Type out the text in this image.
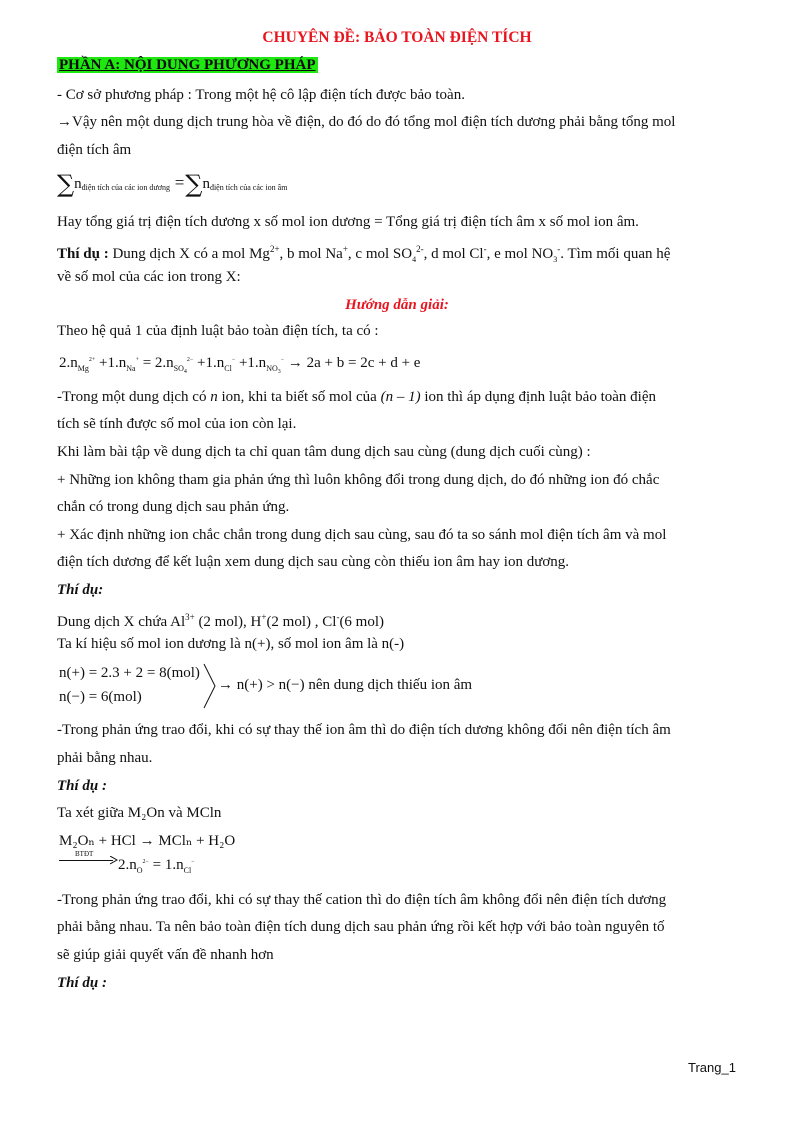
CHUYÊN ĐỀ: BẢO TOÀN ĐIỆN TÍCH
PHẦN A: NỘI DUNG PHƯƠNG PHÁP
- Cơ sở phương pháp : Trong một hệ cô lập điện tích được bảo toàn.
→Vậy nên một dung dịch trung hòa về điện, do đó do đó tổng mol điện tích dương phải bằng tổng mol
điện tích âm
∑nđiện tích của các ion dương =∑nđiện tích của các ion âm
Hay tổng giá trị điện tích dương x số mol ion dương = Tổng giá trị điện tích âm x số mol ion âm.
Thí dụ : Dung dịch X có a mol $Mg^{2+}$, b mol Na+, c mol $SO_4^{2-}$, d mol Cl-, e mol $NO_3^-$. Tìm mối quan hệ
về số mol của các ion trong X:
Hướng dẫn giải:
Theo hệ quả 1 của định luật bảo toàn điện tích, ta có :
$2.n_{Mg}^{2+} +1.n_{Na}^+ = 2.n_{SO4}^{2-} +1.n_{Cl}^- +1.n_{NO3}^- \to 2a + b = 2c + d + e$
-Trong một dung dịch có n ion, khi ta biết số mol của (n – 1) ion thì áp dụng định luật bảo toàn điện
tích sẽ tính được số mol của ion còn lại.
Khi làm bài tập về dung dịch ta chỉ quan tâm dung dịch sau cùng (dung dịch cuối cùng) :
+ Những ion không tham gia phản ứng thì luôn không đổi trong dung dịch, do đó những ion đó chắc
chắn có trong dung dịch sau phản ứng.
+ Xác định những ion chắc chắn trong dung dịch sau cùng, sau đó ta so sánh mol điện tích âm và mol
điện tích dương để kết luận xem dung dịch sau cùng còn thiếu ion âm hay ion dương.
Thí dụ:
Dung dịch X chứa $Al^{3+}$ (2 mol), H+(2 mol) , Cl-(6 mol)
Ta kí hiệu số mol ion dương là n(+), số mol ion âm là n(-)
n(+) = 2.3 + 2 = 8(mol)
n(−) = 6(mol)
→ n(+) > n(−) nên dung dịch thiếu ion âm
-Trong phản ứng trao đổi, khi có sự thay thế ion âm thì do điện tích dương không đổi nên điện tích âm
phải bằng nhau.
Thí dụ :
Ta xét giữa M₂On và MCln
M₂Oₙ + HCl → MClₙ + H₂O
BTĐT
$2.n_O^{2-} = 1.n_{Cl}^-$
-Trong phản ứng trao đổi, khi có sự thay thế cation thì do điện tích âm không đổi nên điện tích dương
phải bằng nhau. Ta nên bảo toàn điện tích dung dịch sau phản ứng rồi kết hợp với bảo toàn nguyên tố
sẽ giúp giải quyết vấn đề nhanh hơn
Thí dụ :
Trang_1
